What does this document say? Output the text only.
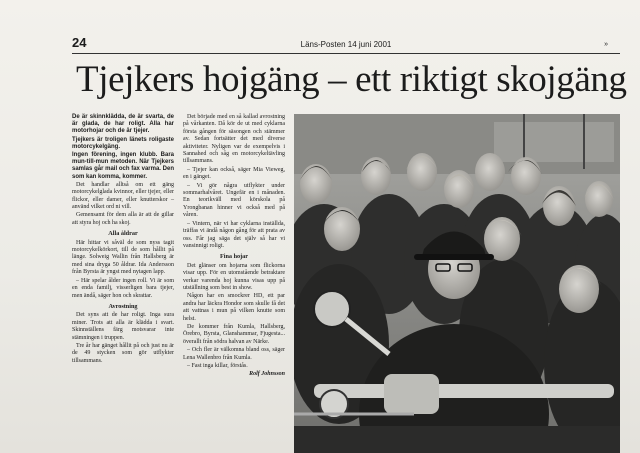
24	Läns-Posten 14 juni 2001	»
Tjejkers hojgäng – ett riktigt skojgäng

De är skinnklädda, de är svarta, de är glada, de har roligt. Alla har motorhojar och de är tjejer.

Tjejkers är troligen länets roligaste motorcykelgäng.

Ingen förening, ingen klubb. Bara mun-till-mun metoden. När Tjejkers samlas går mail och fax varma. Den som kan komma, kommer.

Det handlar alltså om ett gäng motorcykelglada kvinnor, eller tjejer, eller flickor, eller damer, eller knutterskor – använd vilket ord ni vill.

Gemensamt för dem alla är att de gillar att styra hoj och ha skoj.

Alla åldrar

Här hittar vi såväl de som nyss tagit motorcykelkörkort, till de som hållit på länge. Solweig Wallin från Hallsberg är med sina dryga 50 åldrar. Ida Andersson från Byrsta är yngst med nytagen lapp.

– Här spelar ålder ingen roll. Vi är som en enda familj, visserligen bara tjejer, men ändå, säger hon och skrattar.

Avrostning

Det syns att de har roligt. Inga sura miner. Trots att alla är klädda i svart. Skinnställens färg motsvarar inte stämningen i truppen.

Tre år har gänget hållit på och just nu är de 49 stycken som gör utflykter tillsammans.

Det började med en så kallad avrostning på vårkanten. Då kör de ut med cyklarna första gången för säsongen och stämmer av. Sedan fortsätter det med diverse aktiviteter. Nyligen var de exempelvis i Sannahed och såg en motorcykeltävling tillsammans.

– Tjejer kan också, säger Mia Vieweg, en i gänget.

– Vi gör några utflykter under sommarhalvåret. Ungefär en i månaden. En teorikväll med körskola på Yrongbanan hinner vi också med på våren.

– Vintern, när vi har cyklarna inställda, träffas vi ändå någon gång för att prata av oss. Får jag säga det själv så har vi vansinnigt roligt.

Fina hojar

Det glänser om hojarna som flickorna visar upp. För en utomstående betraktare verkar varenda hoj kunna visas upp på utställning som best in show.

Någon har en smockrer HD, ett par andra har läckra Hondor som skulle få det att vattnas i mun på vilken knutte som helst.

De kommer från Kumla, Hallsberg, Örebro, Byrsta, Glanshammar, Fjugesta... överallt från södra halvan av Närke.

– Och fler är välkomna bland oss, säger Lena Wallenbro från Kumla.

– Fast inga killar, förstås.

Rolf Johnsson
